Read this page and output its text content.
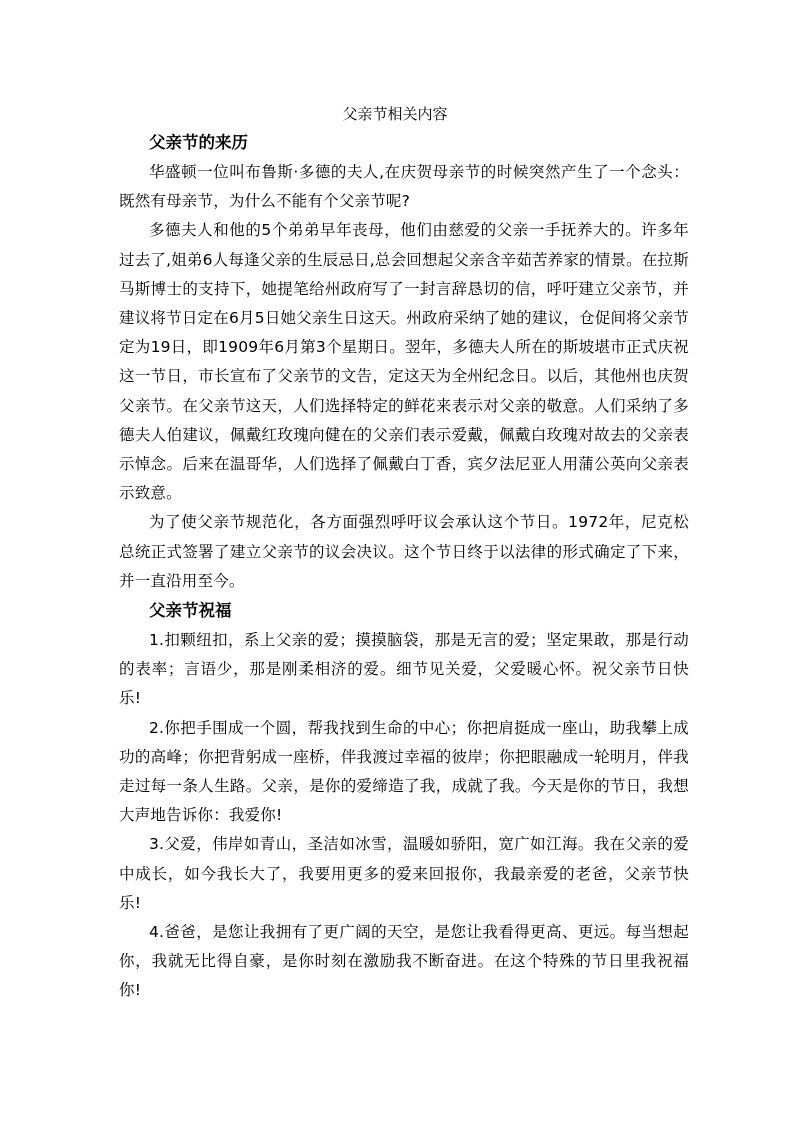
父亲节相关内容
父亲节的来历

华盛顿一位叫布鲁斯·多德的夫人,在庆贺母亲节的时候突然产生了一个念头：既然有母亲节，为什么不能有个父亲节呢?

多德夫人和他的5个弟弟早年丧母，他们由慈爱的父亲一手抚养大的。许多年过去了,姐弟6人每逢父亲的生辰忌日,总会回想起父亲含辛茹苦养家的情景。在拉斯马斯博士的支持下，她提笔给州政府写了一封言辞恳切的信，呼吁建立父亲节，并建议将节日定在6月5日她父亲生日这天。州政府采纳了她的建议，仓促间将父亲节定为19日，即1909年6月第3个星期日。翌年，多德夫人所在的斯坡堪市正式庆祝这一节日，市长宣布了父亲节的文告，定这天为全州纪念日。以后，其他州也庆贺父亲节。在父亲节这天，人们选择特定的鲜花来表示对父亲的敬意。人们采纳了多德夫人伯建议，佩戴红玫瑰向健在的父亲们表示爱戴，佩戴白玫瑰对故去的父亲表示悼念。后来在温哥华，人们选择了佩戴白丁香，宾夕法尼亚人用蒲公英向父亲表示致意。

为了使父亲节规范化，各方面强烈呼吁议会承认这个节日。1972年，尼克松总统正式签署了建立父亲节的议会决议。这个节日终于以法律的形式确定了下来，并一直沿用至今。

父亲节祝福

1.扣颗纽扣，系上父亲的爱；摸摸脑袋，那是无言的爱；坚定果敢，那是行动的表率；言语少，那是刚柔相济的爱。细节见关爱，父爱暖心怀。祝父亲节日快乐!

2.你把手围成一个圆，帮我找到生命的中心；你把肩挺成一座山，助我攀上成功的高峰；你把背躬成一座桥，伴我渡过幸福的彼岸；你把眼融成一轮明月，伴我走过每一条人生路。父亲，是你的爱缔造了我，成就了我。今天是你的节日，我想大声地告诉你：我爱你!

3.父爱，伟岸如青山，圣洁如冰雪，温暖如骄阳，宽广如江海。我在父亲的爱中成长，如今我长大了，我要用更多的爱来回报你，我最亲爱的老爸，父亲节快乐!

4.爸爸，是您让我拥有了更广阔的天空，是您让我看得更高、更远。每当想起你，我就无比得自豪，是你时刻在激励我不断奋进。在这个特殊的节日里我祝福你!
